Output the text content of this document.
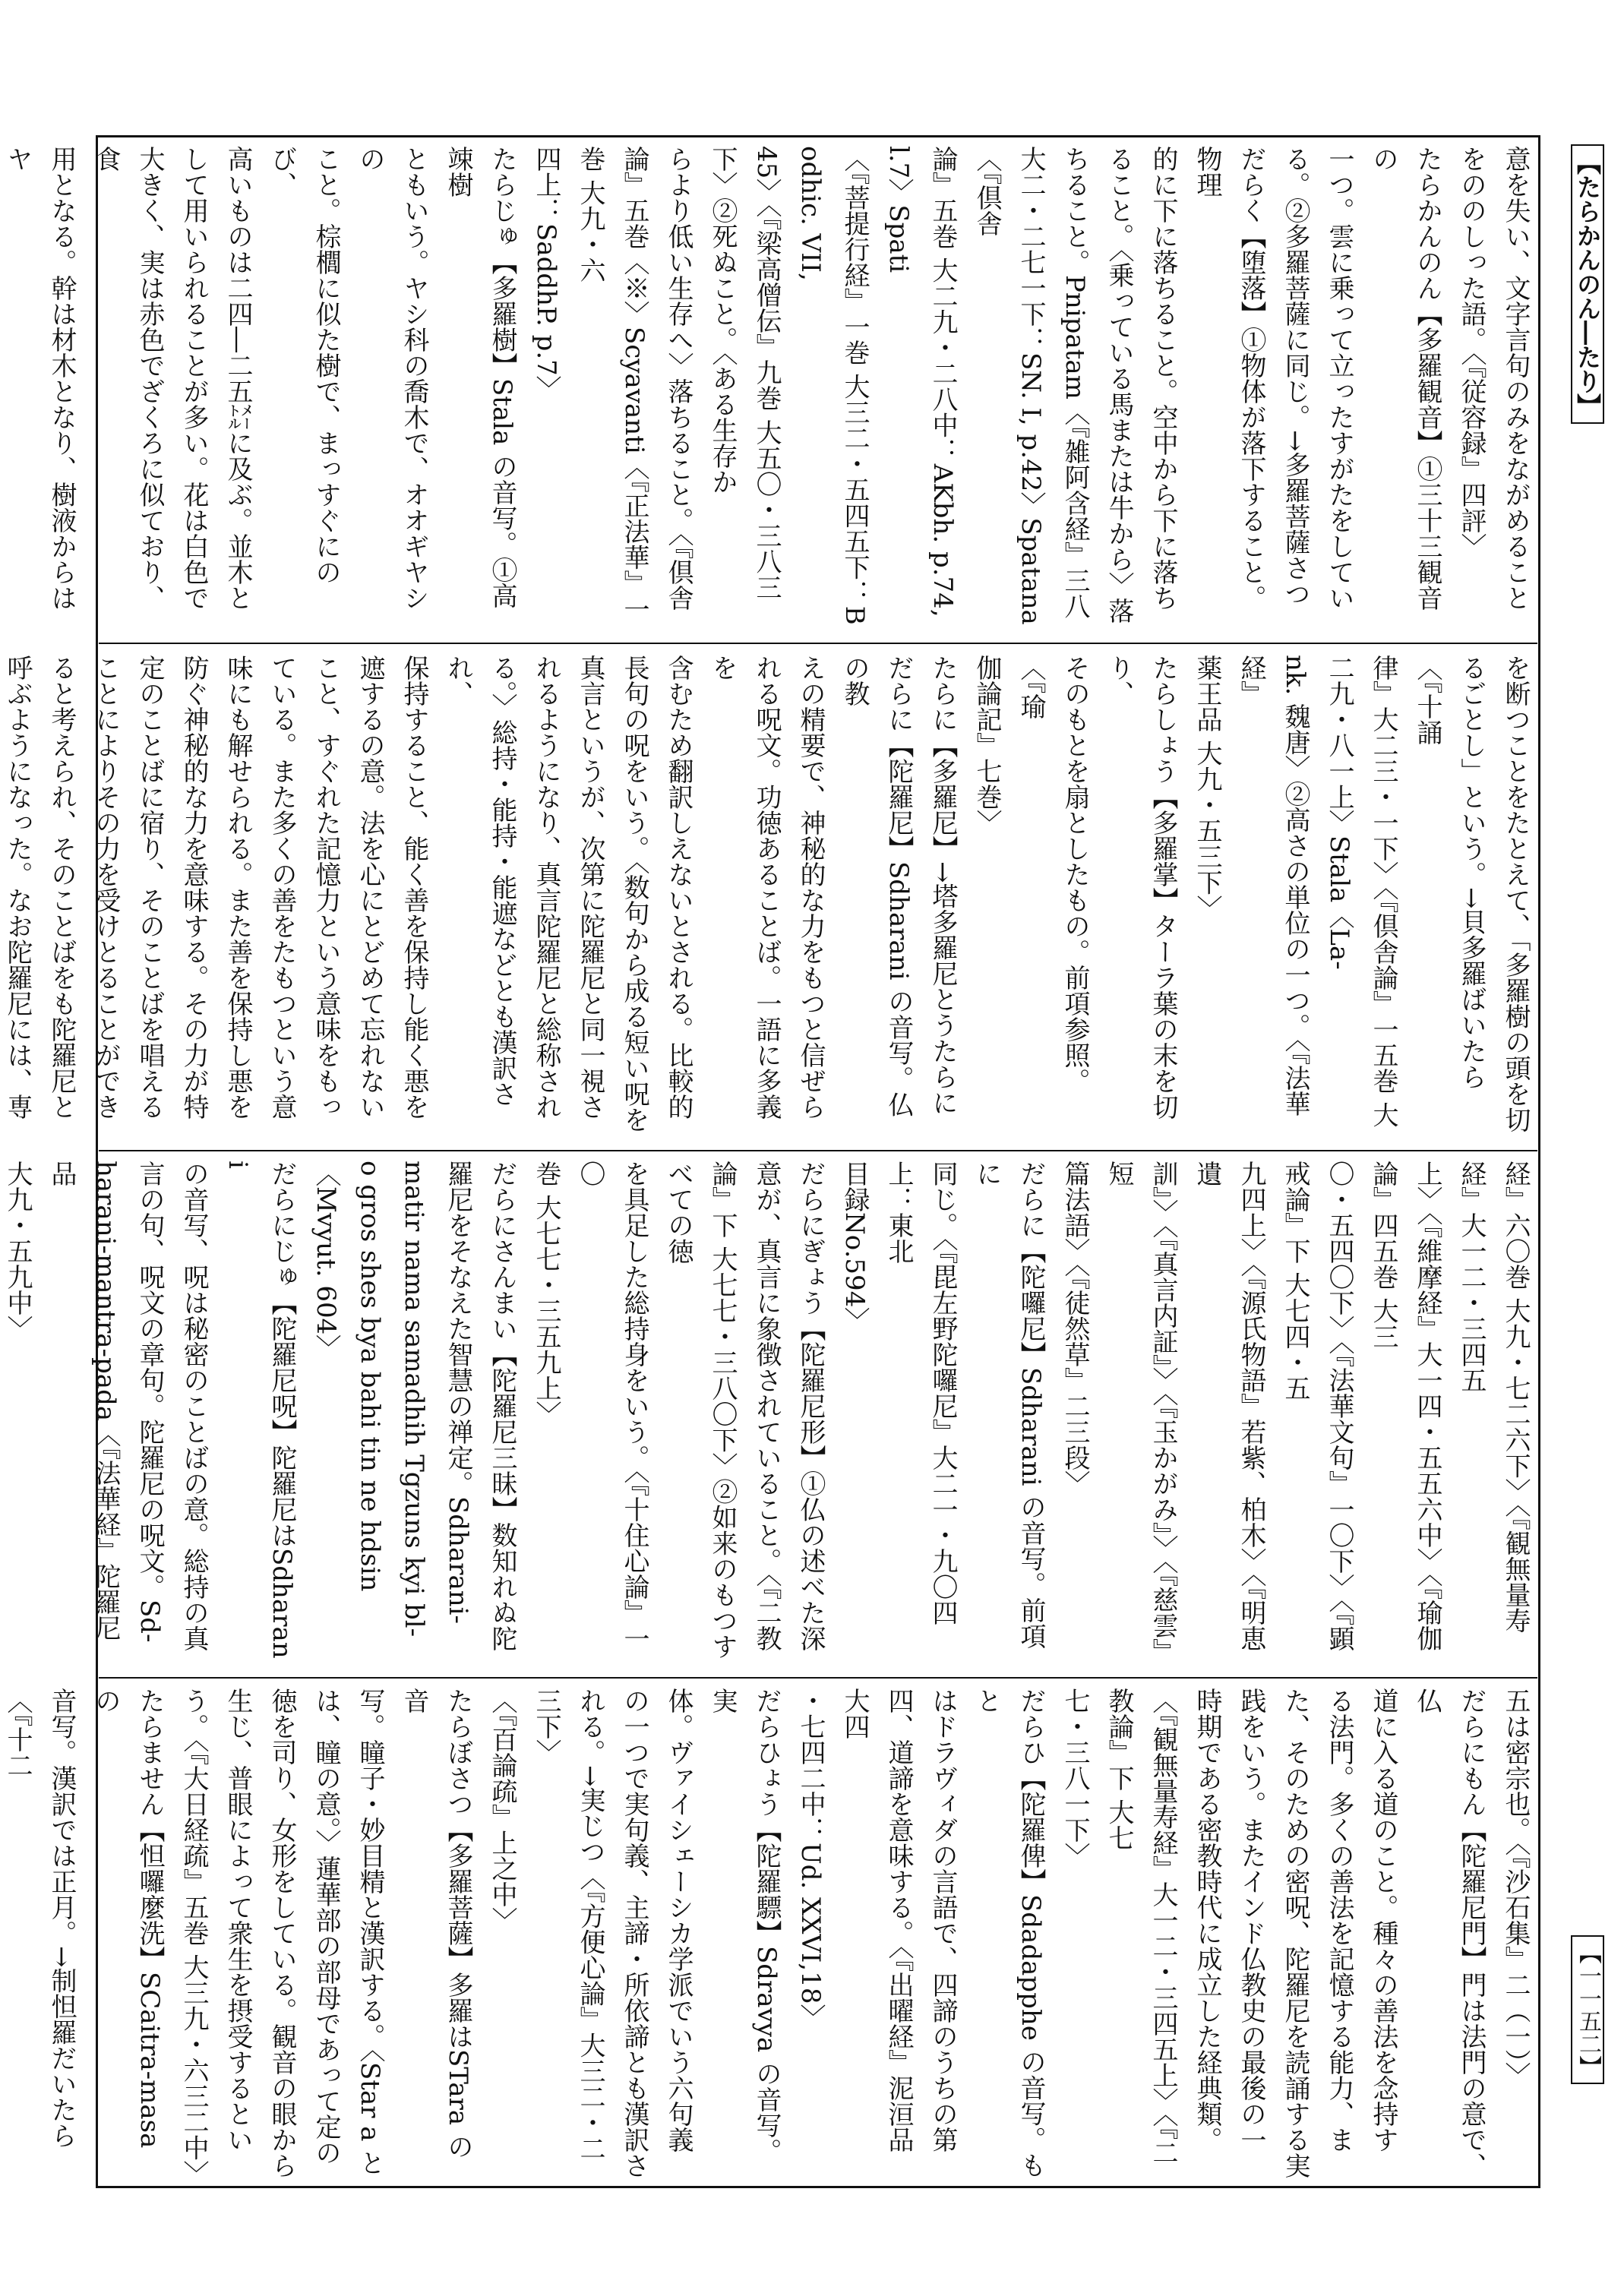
【たらかんのん―たり】
【一一五二】
意を失い、文字言句のみをながめること
をののしった語。〈『従容録』四評〉
たらかんのん【多羅観音】①三十三観音の
一つ。雲に乗って立ったすがたをしてい
る。②多羅菩薩に同じ。→多羅菩薩さつ
だらく【堕落】①物体が落下すること。物理
的に下に落ちること。空中から下に落ち
ること。〈乗っている馬または牛から〉落
ちること。Pnipatam〈『雑阿含経』三八
大二・二七一下：SN. I, p.42〉Spatana〈『倶舎
論』五巻 大二九・二八中：AKbh. p.74, l.7〉Spati
〈『菩提行経』一巻 大三二・五四五下：Bodhic. VII,
45〉〈『梁高僧伝』九巻 大五〇・三八三下〉②死ぬこと。〈ある生存か
らより低い生存へ〉落ちること。〈『倶舎
論』五巻〈※〉Scyavanti〈『正法華』一巻 大九・六
四上：SaddhP. p.7〉
たらじゅ【多羅樹】Stala の音写。①高竦樹
ともいう。ヤシ科の喬木で、オオギヤシの
こと。棕櫚に似た樹で、まっすぐにのび、
高いものは二四―二五㍍に及ぶ。並木と
して用いられることが多い。花は白色で
大きく、実は赤色でざくろに似ており、食
用となる。幹は材木となり、樹液からはヤ
を断つことをたとえて、「多羅樹の頭を切
るごとし」という。→貝多羅ばいたら〈『十誦
律』大二三・一下〉〈『倶舎論』一五巻 大二九・八一上〉Stala〈La-
nk. 魏唐〉②高さの単位の一つ。〈『法華経』
薬王品 大九・五三下〉
たらしょう【多羅掌】ターラ葉の末を切り、
そのもとを扇としたもの。前項参照。〈『瑜
伽論記』七巻〉
たらに【多羅尼】→塔多羅尼とうたらに
だらに【陀羅尼】Sdharani の音写。仏の教
えの精要で、神秘的な力をもつと信ぜら
れる呪文。功徳あることば。一語に多義を
含むため翻訳しえないとされる。比較的
長句の呪をいう。〈数句から成る短い呪を
真言というが、次第に陀羅尼と同一視さ
れるようになり、真言陀羅尼と総称され
る。〉総持・能持・能遮などとも漢訳され、
保持すること、能く善を保持し能く悪を
遮するの意。法を心にとどめて忘れない
こと、すぐれた記憶力という意味をもっ
ている。また多くの善をたもつという意
味にも解せられる。また善を保持し悪を
防ぐ神秘的な力を意味する。その力が特
定のことばに宿り、そのことばを唱える
ことによりその力を受けとることができ
ると考えられ、そのことばをも陀羅尼と
呼ぶようになった。なお陀羅尼には、専
経』六〇巻 大九・七二六下〉〈『観無量寿経』大一二・三四五
上〉〈『維摩経』大一四・五五六中〉〈『瑜伽論』四五巻 大三
〇・五四〇下〉〈『法華文句』一〇下〉〈『顕戒論』下 大七四・五
九四上〉〈『源氏物語』若紫、柏木〉〈『明恵遺
訓』〉〈『真言内証』〉〈『玉かがみ』〉〈『慈雲』短
篇法語〉〈『徒然草』二三段〉
だらに【陀囉尼】Sdharani の音写。前項に
同じ。〈『毘左野陀囉尼』大二一・九〇四上：東北
目録No.594〉
だらにぎょう【陀羅尼形】①仏の述べた深
意が、真言に象徴されていること。〈『二教
論』下 大七七・三八〇下〉②如来のもつすべての徳
を具足した総持身をいう。〈『十住心論』一〇
巻 大七七・三五九上〉
だらにさんまい【陀羅尼三昧】数知れぬ陀
羅尼をそなえた智慧の禅定。Sdharani-
matir nama samadhih Tgzuns kyi bl-
o gros shes bya bahi tin ne hdsin
〈Mvyut. 604〉
だらにじゅ【陀羅尼呪】陀羅尼はSdharani
の音写、呪は秘密のことばの意。総持の真
言の句、呪文の章句。陀羅尼の呪文。Sd-
harani-mantra-pada〈『法華経』陀羅尼品
大九・五九中〉
五は密宗也。〈『沙石集』二（一）〉
だらにもん【陀羅尼門】門は法門の意で、仏
道に入る道のこと。種々の善法を念持す
る法門。多くの善法を記憶する能力、ま
た、そのための密呪、陀羅尼を読誦する実
践をいう。またインド仏教史の最後の一
時期である密教時代に成立した経典類。
〈『観無量寿経』大一二・三四五上〉〈『二教論』下 大七
七・三八一下〉
だらひ【陀羅俾】Sdadapphe の音写。もと
はドラヴィダの言語で、四諦のうちの第
四、道諦を意味する。〈『出曜経』泥洹品 大四
・七四二中：Ud. XXVI,18〉
だらひょう【陀羅驃】Sdravya の音写。実
体。ヴァイシェーシカ学派でいう六句義
の一つで実句義、主諦・所依諦とも漢訳さ
れる。→実じつ〈『方便心論』大三二・二三下〉
〈『百論疏』上之中〉
たらぼさつ【多羅菩薩】多羅はSTara の音
写。瞳子・妙目精と漢訳する。〈Star a と
は、瞳の意。〉蓮華部の部母であって定の
徳を司り、女形をしている。観音の眼から
生じ、普眼によって衆生を摂受するとい
う。〈『大日経疏』五巻 大三九・六三二中〉
たらません【怛囉麼洗】SCaitra-masa の
音写。漢訳では正月。→制怛羅だいたら〈『十二
